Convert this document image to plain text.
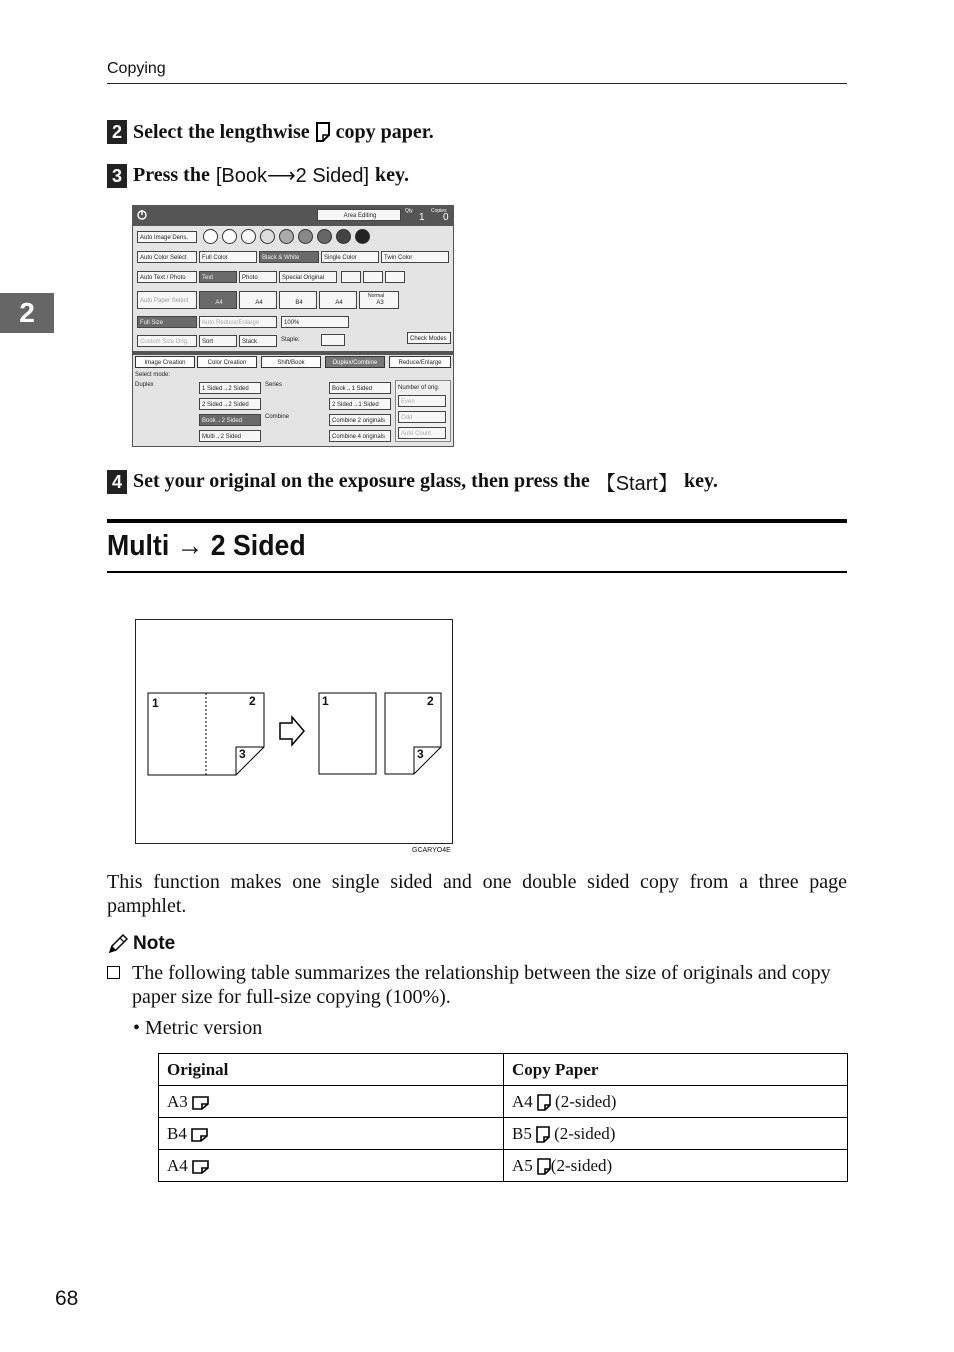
Copying
2
2 Select the lengthwise copy paper.
3 Press the [Book⟶2 Sided] key.
Area Editing
Qty
1
Copies
0
Auto Image Dens.
Auto Color Select	Full Color	Black & White	Single Color	Twin Color
Auto Text / Photo	Text	Photo	Special Original
Auto Paper Select	A4	A4	B4	A4
Normal
A3
Full Size	Auto Reduce/Enlarge	100%
Custom Size Orig.	Sort	Stack	Staple:	Check Modes
Image Creation	Color Creation	Shift/Book	Duplex/Combine	Reduce/Enlarge
Select mode:
Duplex
1 Sided→2 Sided
2 Sided→2 Sided
Book→2 Sided
Multi→2 Sided
Series
Book→1 Sided
2 Sided→1 Sided
Combine
Combine 2 originals
Combine 4 originals
Number of orig.
Even
Odd
Auto Count
4 Set your original on the exposure glass, then press the 【Start】 key.
Multi → 2 Sided
1	2
3
1	2
3
GCARYO4E
This function makes one single sided and one double sided copy from a three page pamphlet.
Note
The following table summarizes the relationship between the size of originals and copy paper size for full-size copying (100%).
• Metric version
Original	Copy Paper
A3	A4 (2-sided)
B4	B5 (2-sided)
A4	A5 (2-sided)
68
